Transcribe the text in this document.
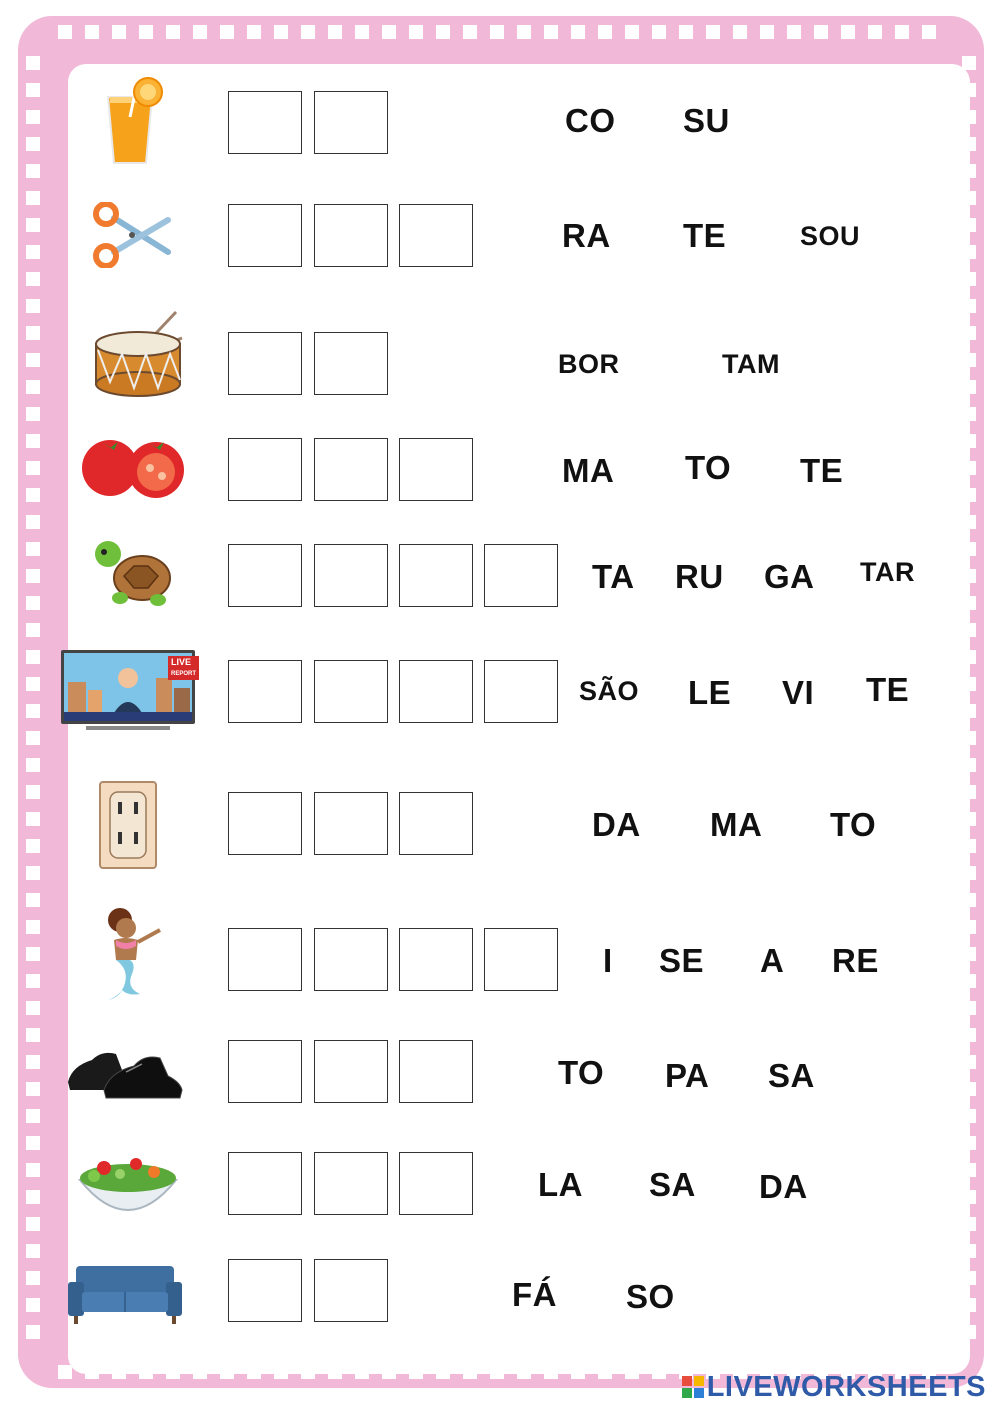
CO SU
RA TE	SOU
BOR	TAM
MA TO TE
TA RU GA TAR
LIVE
REPORT
SÃO LE VI TE
DA MA TO
I SE A RE
TO PA SA
LA SA DA
FÁ SO
LIVEWORKSHEETS
